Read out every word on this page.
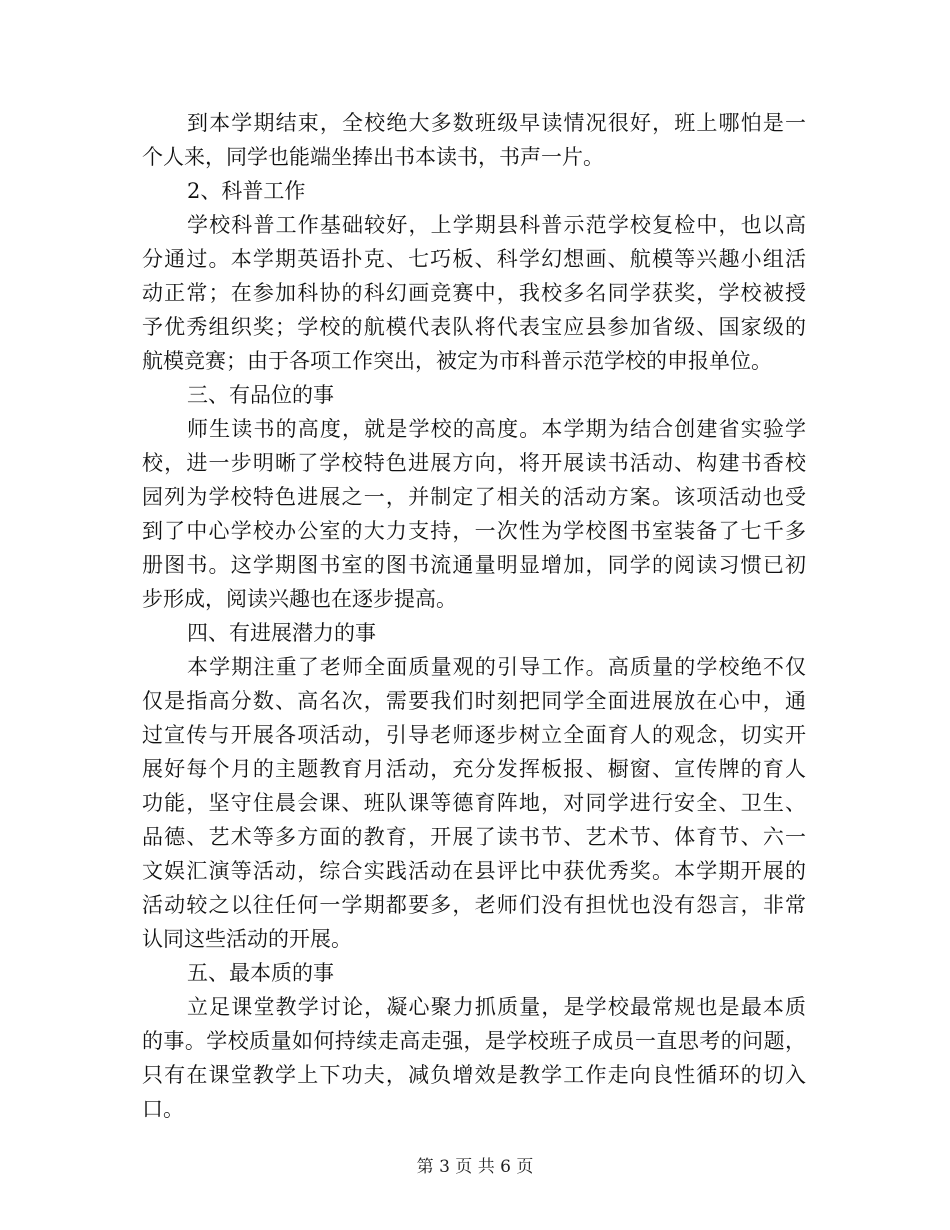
到本学期结束，全校绝大多数班级早读情况很好，班上哪怕是一
个人来，同学也能端坐捧出书本读书，书声一片。
2、科普工作
学校科普工作基础较好，上学期县科普示范学校复检中，也以高
分通过。本学期英语扑克、七巧板、科学幻想画、航模等兴趣小组活
动正常；在参加科协的科幻画竞赛中，我校多名同学获奖，学校被授
予优秀组织奖；学校的航模代表队将代表宝应县参加省级、国家级的
航模竞赛；由于各项工作突出，被定为市科普示范学校的申报单位。
三、有品位的事
师生读书的高度，就是学校的高度。本学期为结合创建省实验学
校，进一步明晰了学校特色进展方向，将开展读书活动、构建书香校
园列为学校特色进展之一，并制定了相关的活动方案。该项活动也受
到了中心学校办公室的大力支持，一次性为学校图书室装备了七千多
册图书。这学期图书室的图书流通量明显增加，同学的阅读习惯已初
步形成，阅读兴趣也在逐步提高。
四、有进展潜力的事
本学期注重了老师全面质量观的引导工作。高质量的学校绝不仅
仅是指高分数、高名次，需要我们时刻把同学全面进展放在心中，通
过宣传与开展各项活动，引导老师逐步树立全面育人的观念，切实开
展好每个月的主题教育月活动，充分发挥板报、橱窗、宣传牌的育人
功能，坚守住晨会课、班队课等德育阵地，对同学进行安全、卫生、
品德、艺术等多方面的教育，开展了读书节、艺术节、体育节、六一
文娱汇演等活动，综合实践活动在县评比中获优秀奖。本学期开展的
活动较之以往任何一学期都要多，老师们没有担忧也没有怨言，非常
认同这些活动的开展。
五、最本质的事
立足课堂教学讨论，凝心聚力抓质量，是学校最常规也是最本质
的事。学校质量如何持续走高走强，是学校班子成员一直思考的问题，
只有在课堂教学上下功夫，减负增效是教学工作走向良性循环的切入
口。
第 3 页 共 6 页
